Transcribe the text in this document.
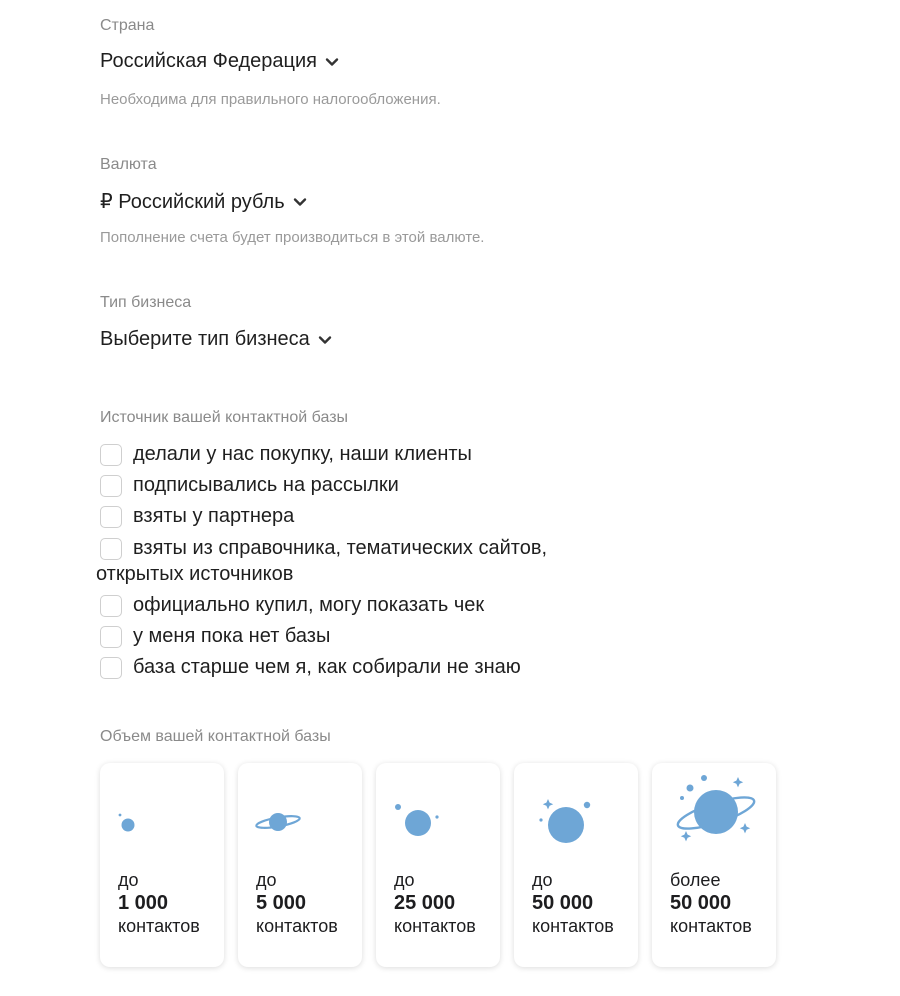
Страна
Российская Федерация
Необходима для правильного налогообложения.
Валюта
₽ Российский рубль
Пополнение счета будет производиться в этой валюте.
Тип бизнеса
Выберите тип бизнеса
Источник вашей контактной базы
делали у нас покупку, наши клиенты
подписывались на рассылки
взяты у партнера
взяты из справочника, тематических сайтов,
открытых источников
официально купил, могу показать чек
у меня пока нет базы
база старше чем я, как собирали не знаю
Объем вашей контактной базы
до
1 000
контактов
до
5 000
контактов
до
25 000
контактов
до
50 000
контактов
более
50 000
контактов
